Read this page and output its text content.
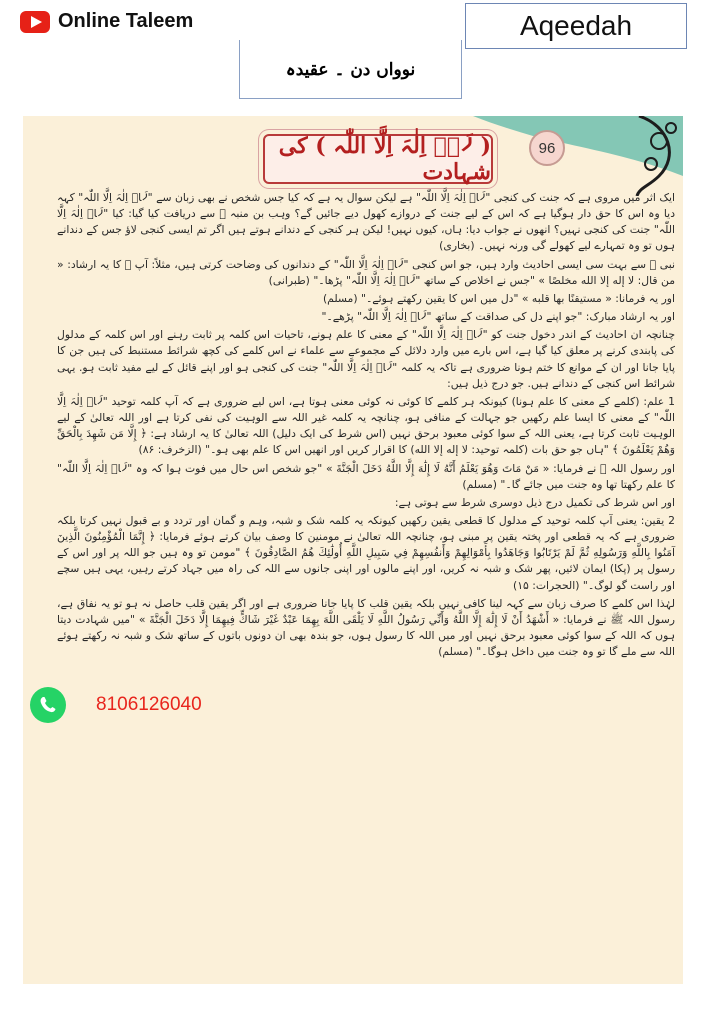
Online Taleem	Aqeedah
نوواں دن ۔ عقیدہ
96
( لَاۤ اِلٰہَ اِلَّا اللّٰہ ) کی شہادت

ایک اثر میں مروی ہے کہ جنت کی کنجی "لَاۤ اِلٰہَ اِلَّا اللّٰہ" ہے لیکن سوال یہ ہے کہ کیا جس شخص نے بھی زبان سے "لَاۤ اِلٰہَ اِلَّا اللّٰہ" کہہ دیا وہ اس کا حق دار ہوگیا ہے کہ اس کے لیے جنت کے دروازے کھول دیے جائیں گے؟ وہب بن منبہ ﷬ سے دریافت کیا گیا: کیا "لَاۤ اِلٰہَ اِلَّا اللّٰہ" جنت کی کنجی نہیں؟ انھوں نے جواب دیا: ہاں، کیوں نہیں! لیکن ہر کنجی کے دندانے ہوتے ہیں اگر تم ایسی کنجی لاؤ جس کے دندانے ہوں تو وہ تمہارے لیے کھولے گی ورنہ نہیں۔ (بخاری)

نبی ﷺ سے بہت سی ایسی احادیث وارد ہیں، جو اس کنجی "لَاۤ اِلٰہَ اِلَّا اللّٰہ" کے دندانوں کی وضاحت کرتی ہیں، مثلاً: آپ ﷺ کا یہ ارشاد: « من قال: لا إله إلا الله مخلصًا » "جس نے اخلاص کے ساتھ "لَاۤ اِلٰہَ اِلَّا اللّٰہ" پڑھا۔" (طبرانی)

اور یہ فرمانا: « مستيقنًا بها قلبه » "دل میں اس کا یقین رکھتے ہوئے۔" (مسلم)

اور یہ ارشاد مبارک: "جو اپنے دل کی صداقت کے ساتھ "لَاۤ اِلٰہَ اِلَّا اللّٰہ" پڑھے۔"

چنانچہ ان احادیث کے اندر دخول جنت کو "لَاۤ اِلٰہَ اِلَّا اللّٰہ" کے معنی کا علم ہونے، تاحیات اس کلمہ پر ثابت رہنے اور اس کلمہ کے مدلول کی پابندی کرنے پر معلق کیا گیا ہے، اس بارے میں وارد دلائل کے مجموعے سے علماء نے اس کلمے کی کچھ شرائط مستنبط کی ہیں جن کا پایا جانا اور ان کے موانع کا ختم ہونا ضروری ہے تاکہ یہ کلمہ "لَاۤ اِلٰہَ اِلَّا اللّٰہ" جنت کی کنجی ہو اور اپنے قائل کے لیے مفید ثابت ہو. یہی شرائط اس کنجی کے دندانے ہیں. جو درج ذیل ہیں:

1 علم: (کلمے کے معنی کا علم ہونا) کیونکہ ہر کلمے کا کوئی نہ کوئی معنی ہوتا ہے، اس لیے ضروری ہے کہ آپ کلمہ توحید "لَاۤ اِلٰہَ اِلَّا اللّٰہ" کے معنی کا ایسا علم رکھیں جو جہالت کے منافی ہو، چنانچہ یہ کلمہ غیر اللہ سے الوہیت کی نفی کرتا ہے اور اللہ تعالیٰ کے لیے الوہیت ثابت کرتا ہے، یعنی اللہ کے سوا کوئی معبود برحق نہیں (اس شرط کی ایک دلیل) اللہ تعالیٰ کا یہ ارشاد ہے: ﴿ إِلَّا مَن شَهِدَ بِالْحَقِّ وَهُمْ يَعْلَمُونَ ﴾ "ہاں جو حق بات (کلمہ توحید: لا إله إلا الله) کا اقرار کریں اور انھیں اس کا علم بھی ہو۔" (الزخرف: ۸۶)

اور رسول اللہ ﷺ نے فرمایا: « مَنْ مَاتَ وَهُوَ يَعْلَمُ أَنَّهُ لَا إِلَٰهَ إِلَّا اللَّهُ دَخَلَ الْجَنَّةَ » "جو شخص اس حال میں فوت ہوا کہ وہ "لَاۤ اِلٰہَ اِلَّا اللّٰہ" کا علم رکھتا تھا وہ جنت میں جائے گا۔" (مسلم)

اور اس شرط کی تکمیل درج ذیل دوسری شرط سے ہوتی ہے:

2 یقین: یعنی آپ کلمہ توحید کے مدلول کا قطعی یقین رکھیں کیونکہ یہ کلمہ شک و شبہ، وہم و گمان اور تردد و بے قبول نہیں کرتا بلکہ ضروری ہے کہ یہ قطعی اور پختہ یقین پر مبنی ہو، چنانچہ اللہ تعالیٰ نے مومنین کا وصف بیان کرتے ہوئے فرمایا: ﴿ إِنَّمَا الْمُؤْمِنُونَ الَّذِينَ آمَنُوا بِاللَّهِ وَرَسُولِهِ ثُمَّ لَمْ يَرْتَابُوا وَجَاهَدُوا بِأَمْوَالِهِمْ وَأَنفُسِهِمْ فِي سَبِيلِ اللَّهِ أُولَٰئِكَ هُمُ الصَّادِقُونَ ﴾ "مومن تو وہ ہیں جو اللہ پر اور اس کے رسول پر (پکا) ایمان لائیں، پھر شک و شبہ نہ کریں، اور اپنے مالوں اور اپنی جانوں سے اللہ کی راہ میں جہاد کرتے رہیں، یہی ہیں سچے اور راست گو لوگ۔" (الحجرات: ۱۵)

لہٰذا اس کلمے کا صرف زبان سے کہہ لینا کافی نہیں بلکہ یقین قلب کا پایا جانا ضروری ہے اور اگر یقین قلب حاصل نہ ہو تو یہ نفاق ہے، رسول اللہ ﷺ نے فرمایا: « أَشْهَدُ أَنْ لَا إِلَٰهَ إِلَّا اللَّهُ وَأَنِّي رَسُولُ اللَّهِ لَا يَلْقَى اللَّهَ بِهِمَا عَبْدٌ غَيْرَ شَاكٍّ فِيهِمَا إِلَّا دَخَلَ الْجَنَّةَ » "میں شہادت دیتا ہوں کہ اللہ کے سوا کوئی معبود برحق نہیں اور میں اللہ کا رسول ہوں، جو بندہ بھی ان دونوں باتوں کے ساتھ شک و شبہ نہ رکھتے ہوئے اللہ سے ملے گا تو وہ جنت میں داخل ہوگا۔" (مسلم)

8106126040
